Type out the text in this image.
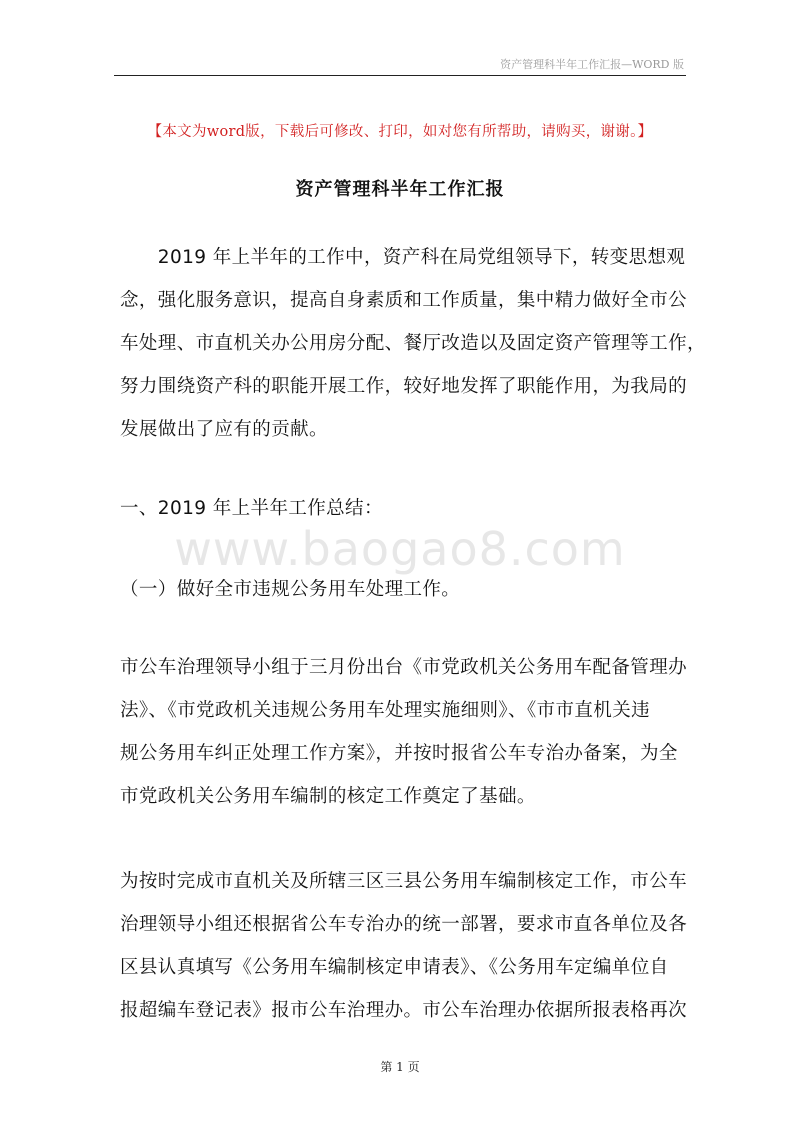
资产管理科半年工作汇报—WORD 版
【本文为word版，下载后可修改、打印，如对您有所帮助，请购买，谢谢。】
资产管理科半年工作汇报
　　2019 年上半年的工作中，资产科在局党组领导下，转变思想观
念，强化服务意识，提高自身素质和工作质量，集中精力做好全市公
车处理、市直机关办公用房分配、餐厅改造以及固定资产管理等工作，
努力围绕资产科的职能开展工作，较好地发挥了职能作用，为我局的
发展做出了应有的贡献。
一、2019 年上半年工作总结：
www.baogao8.com
（一）做好全市违规公务用车处理工作。
市公车治理领导小组于三月份出台《市党政机关公务用车配备管理办
法》、《市党政机关违规公务用车处理实施细则》、《市市直机关违
规公务用车纠正处理工作方案》，并按时报省公车专治办备案，为全
市党政机关公务用车编制的核定工作奠定了基础。
为按时完成市直机关及所辖三区三县公务用车编制核定工作，市公车
治理领导小组还根据省公车专治办的统一部署，要求市直各单位及各
区县认真填写《公务用车编制核定申请表》、《公务用车定编单位自
报超编车登记表》报市公车治理办。市公车治理办依据所报表格再次
第 1 页
